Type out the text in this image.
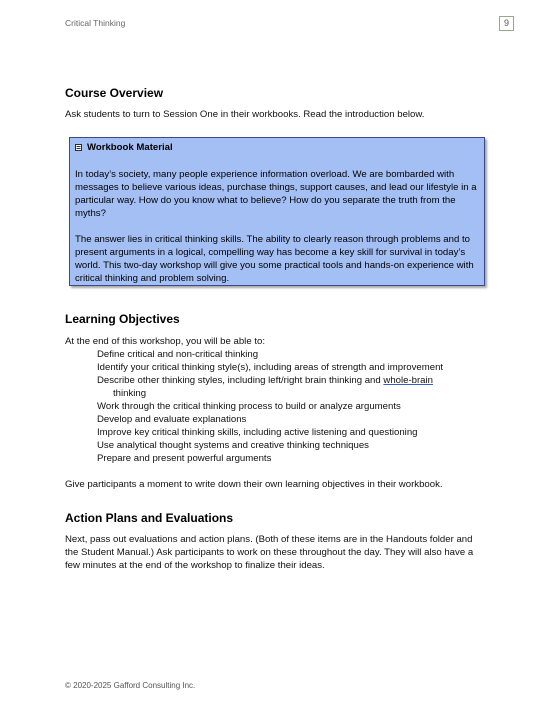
Critical Thinking	9
Course Overview

Ask students to turn to Session One in their workbooks. Read the introduction below.

Workbook Material

In today’s society, many people experience information overload. We are bombarded with messages to believe various ideas, purchase things, support causes, and lead our lifestyle in a particular way. How do you know what to believe? How do you separate the truth from the myths?

The answer lies in critical thinking skills. The ability to clearly reason through problems and to present arguments in a logical, compelling way has become a key skill for survival in today’s world. This two-day workshop will give you some practical tools and hands-on experience with critical thinking and problem solving.

Learning Objectives

At the end of this workshop, you will be able to:

Define critical and non-critical thinking
Identify your critical thinking style(s), including areas of strength and improvement
Describe other thinking styles, including left/right brain thinking and whole-brain
thinking
Work through the critical thinking process to build or analyze arguments
Develop and evaluate explanations
Improve key critical thinking skills, including active listening and questioning
Use analytical thought systems and creative thinking techniques
Prepare and present powerful arguments

Give participants a moment to write down their own learning objectives in their workbook.

Action Plans and Evaluations

Next, pass out evaluations and action plans. (Both of these items are in the Handouts folder and the Student Manual.) Ask participants to work on these throughout the day. They will also have a few minutes at the end of the workshop to finalize their ideas.

© 2020-2025 Gafford Consulting Inc.
